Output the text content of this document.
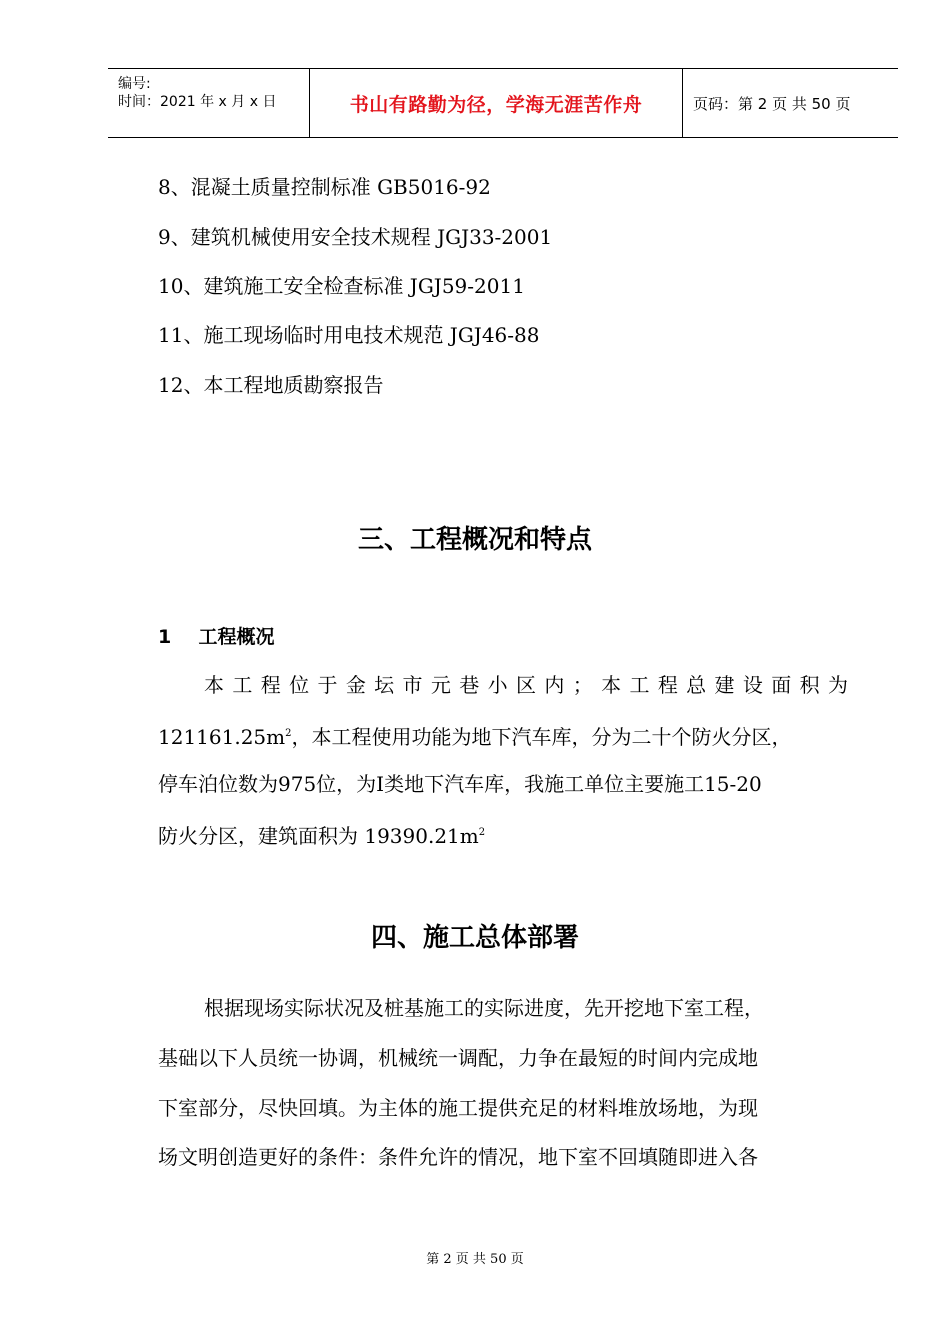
编号:
时间：2021 年 x 月 x 日	书山有路勤为径，学海无涯苦作舟	页码：第 2 页 共 50 页
8、混凝土质量控制标准 GB5016-92
9、建筑机械使用安全技术规程 JGJ33-2001
10、建筑施工安全检查标准 JGJ59-2011
11、施工现场临时用电技术规范 JGJ46-88
12、本工程地质勘察报告
三、工程概况和特点
1 工程概况
本工程位于金坛市元巷小区内；本工程总建设面积为
$121161.25m^2$，本工程使用功能为地下汽车库，分为二十个防火分区，
停车泊位数为975位，为Ⅰ类地下汽车库，我施工单位主要施工15-20
防火分区，建筑面积为 $19390.21m^2$
四、施工总体部署
根据现场实际状况及桩基施工的实际进度，先开挖地下室工程，
基础以下人员统一协调，机械统一调配，力争在最短的时间内完成地
下室部分，尽快回填。为主体的施工提供充足的材料堆放场地，为现
场文明创造更好的条件：条件允许的情况，地下室不回填随即进入各
第 2 页 共 50 页
